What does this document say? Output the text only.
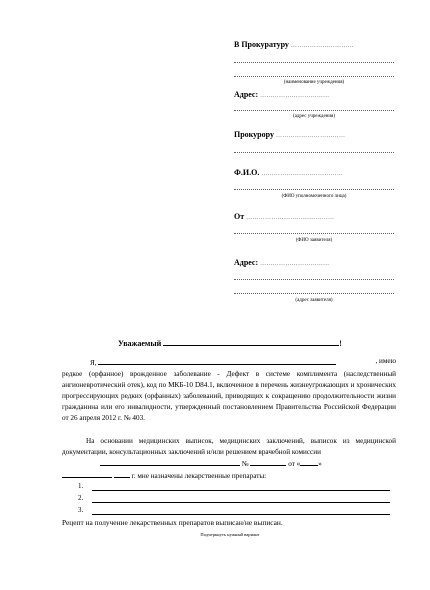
В Прокуратуру …………………………
(наименование учреждения)
Адрес: ……………………………
(адрес учреждения)
Прокурору ……………………………
Ф.И.О. …………………………………
(ФИО уполномоченного лица)
От ……………………………………
(ФИО заявителя)
Адрес: ……………………………
(адрес заявителя)
Уважаемый	!
Я,	, имею
редкое (орфанное) врожденное заболевание - Дефект в системе комплимента (наследственный ангионевротический отек), код по МКБ-10 D84.1, включенное в перечень жизнеугрожающих и хронических прогрессирующих редких (орфанных) заболеваний, приводящих к сокращению продолжительности жизни гражданина или его инвалидности, утвержденный постановлением Правительства Российской Федерации от 26 апреля 2012 г. № 403.
На основании медицинских выписок, медицинских заключений, выписок из медицинской документации, консультационных заключений и/или решением врачебной комиссии
№	от «	»
г. мне назначены лекарственные препараты:
1.
2.
3.
Рецепт на получение лекарственных препаратов выписан/не выписан.
Подчеркнуть нужный вариант
